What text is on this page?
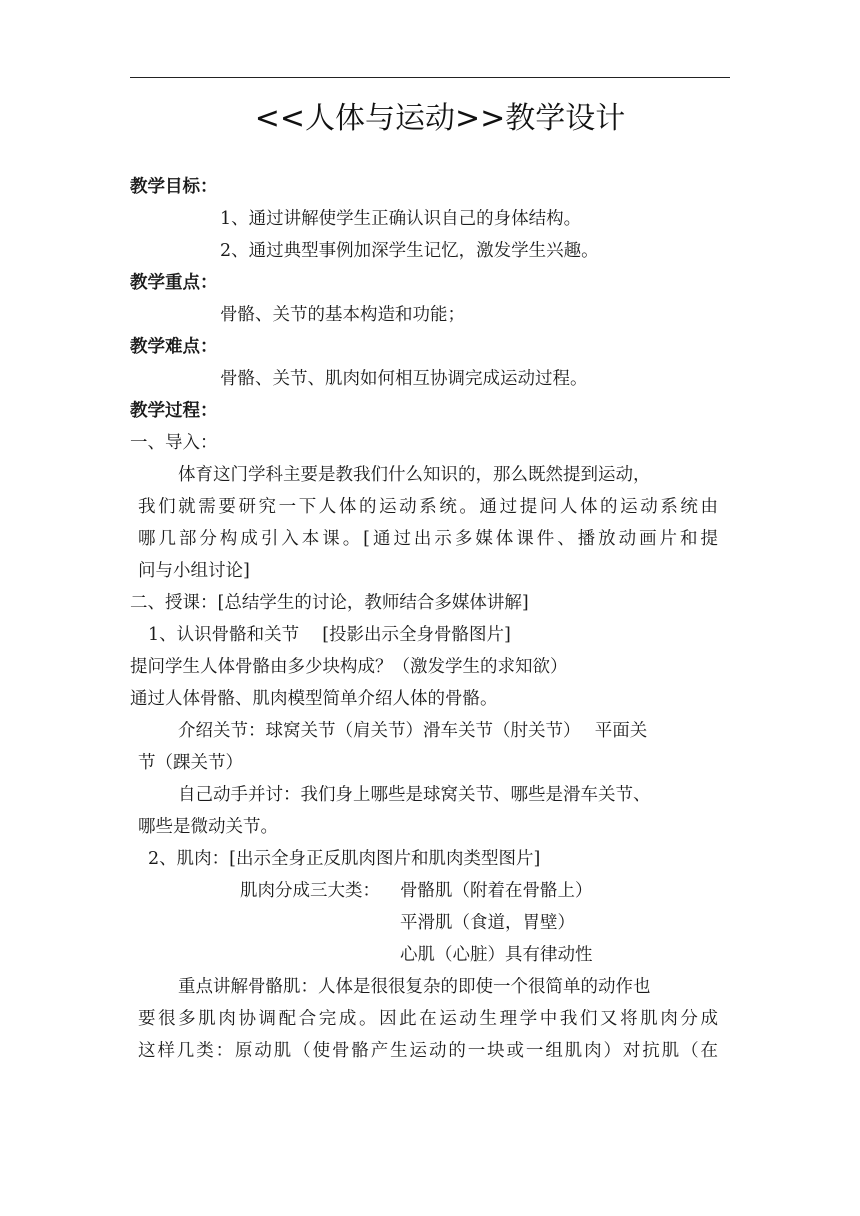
<<人体与运动>>教学设计
教学目标：
1、通过讲解使学生正确认识自己的身体结构。
2、通过典型事例加深学生记忆，激发学生兴趣。
教学重点：
骨骼、关节的基本构造和功能；
教学难点：
骨骼、关节、肌肉如何相互协调完成运动过程。
教学过程：
一、导入：
体育这门学科主要是教我们什么知识的，那么既然提到运动，
我们就需要研究一下人体的运动系统。通过提问人体的运动系统由
哪几部分构成引入本课。[通过出示多媒体课件、播放动画片和提
问与小组讨论]
二、授课：[总结学生的讨论，教师结合多媒体讲解]
1、认识骨骼和关节　 [投影出示全身骨骼图片]
提问学生人体骨骼由多少块构成？（激发学生的求知欲）
通过人体骨骼、肌肉模型简单介绍人体的骨骼。
介绍关节：球窝关节（肩关节）滑车关节（肘关节）　 平面关
节（踝关节）
自己动手并讨：我们身上哪些是球窝关节、哪些是滑车关节、
哪些是微动关节。
2、肌肉：[出示全身正反肌肉图片和肌肉类型图片]
肌肉分成三大类： 骨骼肌（附着在骨骼上）
平滑肌（食道，胃壁）
心肌（心脏）具有律动性
重点讲解骨骼肌：人体是很很复杂的即使一个很简单的动作也
要很多肌肉协调配合完成。因此在运动生理学中我们又将肌肉分成
这样几类：原动肌（使骨骼产生运动的一块或一组肌肉）对抗肌（在
